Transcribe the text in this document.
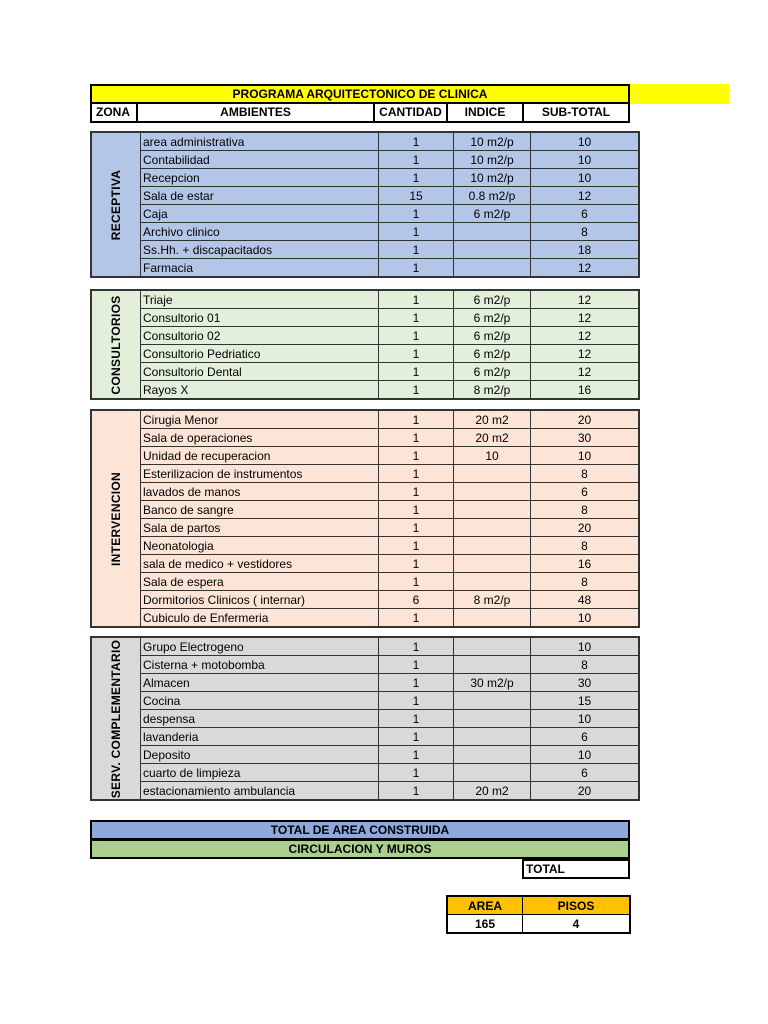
PROGRAMA ARQUITECTONICO DE CLINICA
ZONA	AMBIENTES	CANTIDAD	INDICE	SUB-TOTAL
RECEPTIVA	area administrativa	1	10 m2/p	10
	Contabilidad	1	10 m2/p	10
	Recepcion	1	10 m2/p	10
	Sala de estar	15	0.8 m2/p	12
	Caja	1	6 m2/p	6
	Archivo clinico	1		8
	Ss.Hh. + discapacitados	1		18
	Farmacia	1		12
CONSULTORIOS	Triaje	1	6 m2/p	12
	Consultorio 01	1	6 m2/p	12
	Consultorio 02	1	6 m2/p	12
	Consultorio Pedriatico	1	6 m2/p	12
	Consultorio Dental	1	6 m2/p	12
	Rayos X	1	8 m2/p	16
INTERVENCION	Cirugia Menor	1	20 m2	20
	Sala de operaciones	1	20 m2	30
	Unidad de recuperacion	1	10	10
	Esterilizacion de instrumentos	1		8
	lavados de manos	1		6
	Banco de sangre	1		8
	Sala de partos	1		20
	Neonatologia	1		8
	sala de medico + vestidores	1		16
	Sala de espera	1		8
	Dormitorios Clinicos ( internar)	6	8 m2/p	48
	Cubiculo de Enfermeria	1		10
SERV. COMPLEMENTARIO	Grupo Electrogeno	1		10
	Cisterna + motobomba	1		8
	Almacen	1	30 m2/p	30
	Cocina	1		15
	despensa	1		10
	lavanderia	1		6
	Deposito	1		10
	cuarto de limpieza	1		6
	estacionamiento ambulancia	1	20 m2	20
TOTAL DE AREA CONSTRUIDA
CIRCULACION Y MUROS
TOTAL
AREA	PISOS
165	4
